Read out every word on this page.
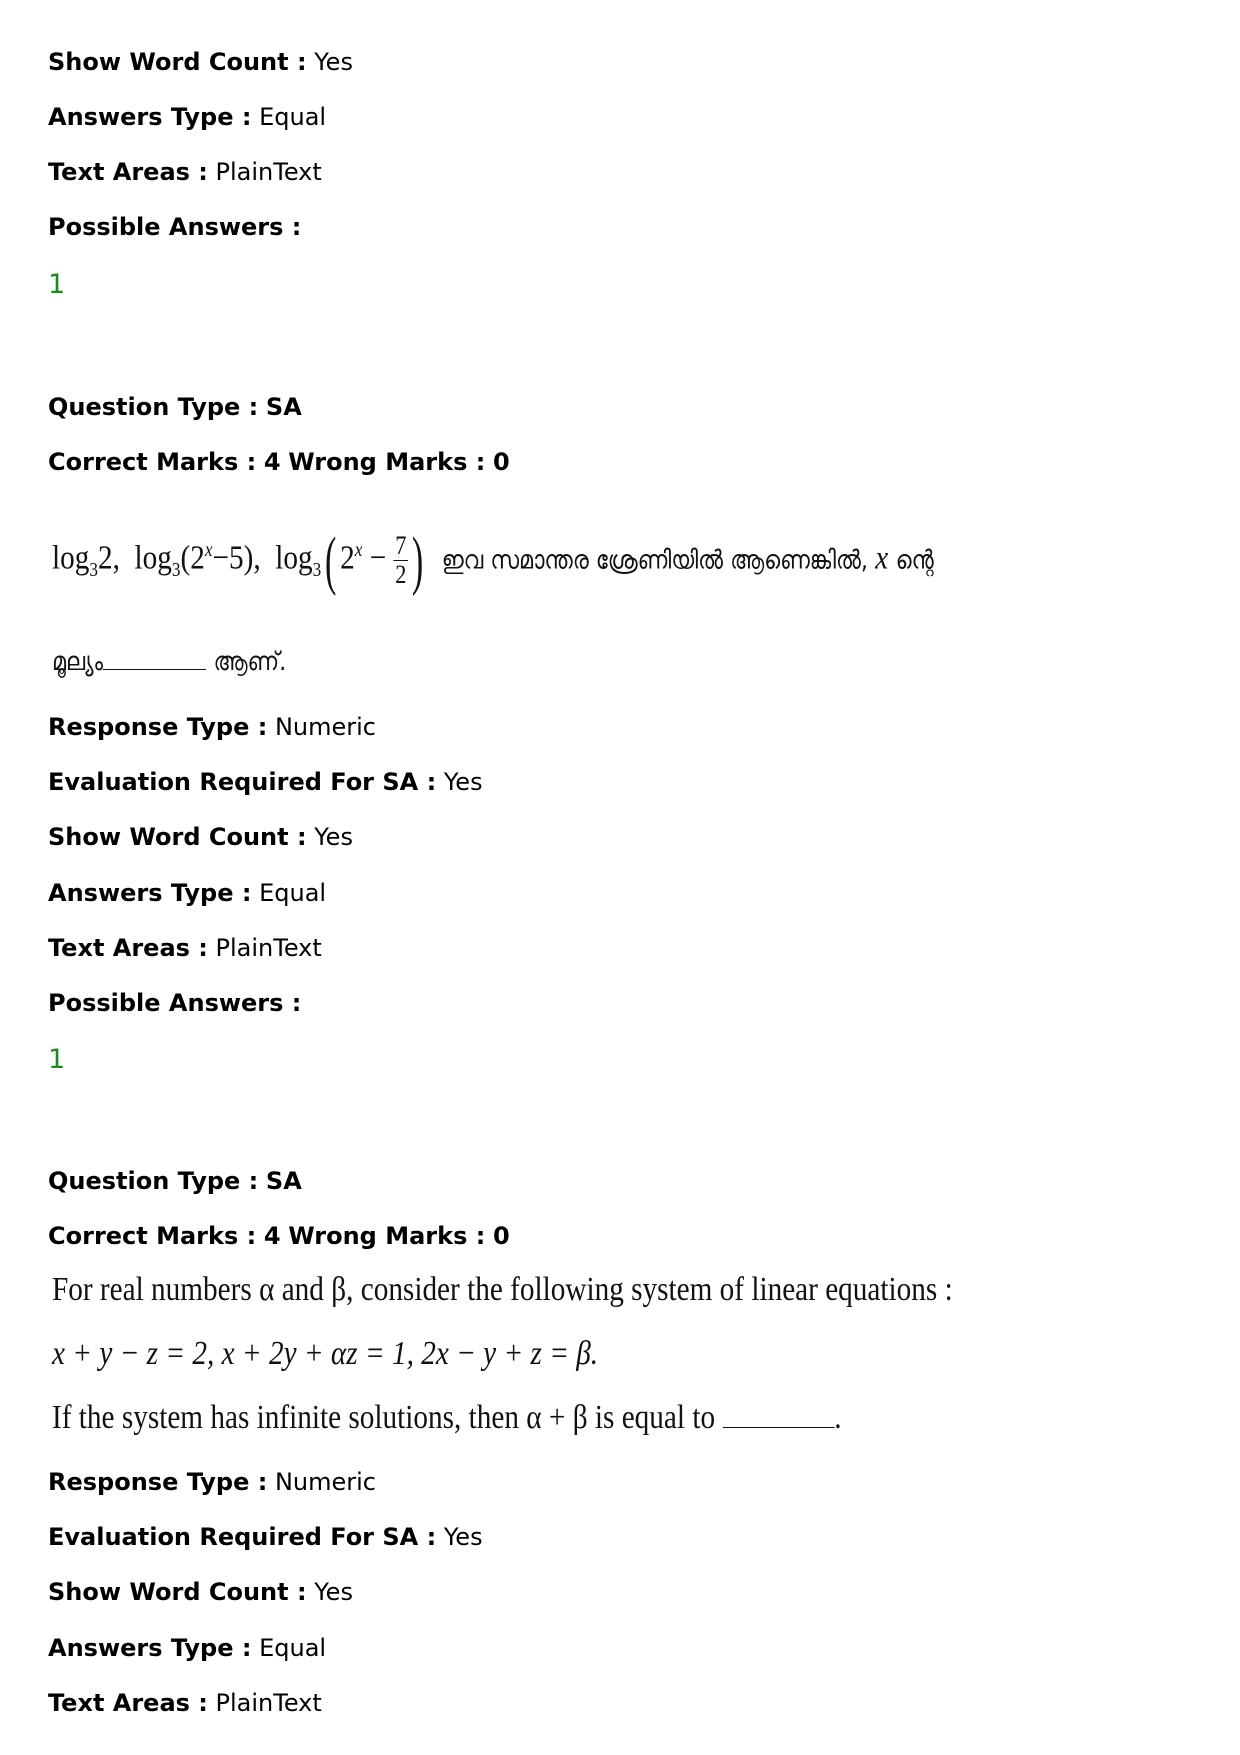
Show Word Count : Yes
Answers Type : Equal
Text Areas : PlainText
Possible Answers :
1
Question Type : SA
Correct Marks : 4 Wrong Marks : 0
$\log_32$, $\log_3(2^x-5)$, $\log_3$( $2^x - \frac{7}{2}$ ) ഇവ സമാന്തര ശ്രേണിയിൽ ആണെങ്കിൽ, x ന്റെ
മൂല്യം	ആണ്.
Response Type : Numeric
Evaluation Required For SA : Yes
Show Word Count : Yes
Answers Type : Equal
Text Areas : PlainText
Possible Answers :
1
Question Type : SA
Correct Marks : 4 Wrong Marks : 0
For real numbers α and β, consider the following system of linear equations :
x + y − z = 2, x + 2y + αz = 1, 2x − y + z = β.
If the system has infinite solutions, then α + β is equal to	.
Response Type : Numeric
Evaluation Required For SA : Yes
Show Word Count : Yes
Answers Type : Equal
Text Areas : PlainText
